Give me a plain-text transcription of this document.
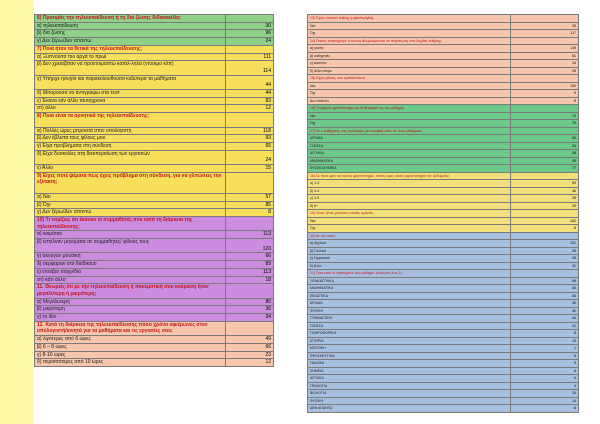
6) Προτιμάς την τηλεεκπαίδευση ή τη δια ζώσης διδασκαλία;	
α) τηλεεκπαίδευση	30
β) δια ζώσης	96
γ) Δεν ξέρω/Δεν απαντώ	24
7) Ποια ήταν τα θετικά της τηλεεκπαίδευσης;	
α) Ξυπνούσα πιο αργά το πρωί	111
β) Δεν χρειαζόταν να προετοιμαστώ κατάλ-ληλα (ντύσιμο κλπ)	114
γ) Υπήρχε ησυχία και παρακολουθούσα καλύτερα τα μαθήματα	44
δ) Μπορούσα να αντιγράψω στα τεστ	44
ε) Έκανα εάν άλλο ταυτόχρονα	83
στ) άλλο	12
8) Ποια είναι τα αρνητικά της τηλεεκπαίδευσης;	
α) Πολλές ώρες μπροστά στον υπολογιστή	118
β) Δεν έβλεπα τους φίλους μου	93
γ) Είχα προβλήματα στη σύνδεση	65
δ) Είχα δυσκολίες στη διεκπεραίωση των εργασιών	24
ε) Άλλο	15
9) Είχες ποτέ ψέματα πως έχεις πρόβλημα στη σύνδεση, για να γλιτώσεις την εξέταση;	
α) Ναι	57
β) Όχι	85
γ) Δεν ξέρω/Δεν απαντώ	8
10) Τι νομίζεις ότι έκαναν οι συμμαθητές σου κατά τη διάρκεια της τηλεεκπαίδευσης;	
α) κοιμόταν	113
β) έστελναν μηνύματα σε συμμαθητές/ φίλους τους	120
γ) άκουγαν μουσική	66
δ) σέρφαραν στο διαδίκτυο	89
ε) έπαιζαν παιχνίδια	113
στ) κάτι άλλο	18
11. Θεωρείς ότι με την τηλεεκπαίδευση ή πανεμστική σου κούραση ήταν μεγαλύτερη ή μικρότερη;	
α) Μεγαλύτερη	80
β) μικρότερη	36
γ) το ίδιο	34
12. Κατά τη διάρκεια της τηλεεκπαίδευσης πόσο χρόνο αφιέρωνες στον υπολογιστή/κινητό για τα μαθήματα και τις εργασίες σου;	
α) λιγότερες από 6 ώρες	49
β) 6 – 8 ώρες	66
γ) 8-10 ώρες	23
δ) περισσότερες από 10 ώρες	12
13) Έχεις υποστεί bulling ή cyberbullying;	
Ναι	33
Όχι	117
14) Ποιους ανησυχούμε ή ποιους θεωρούμενους σε περίπτωση που δεχθείς bullying;	
α) γονείς	119
β) καθηγητές	51
γ) κανέναν	14
δ) άλλο άτομο	26
15) Έχεις φίλους που εμπιστεύεσαι;	
Ναι	134
Όχι	9
Δεν απαντώ	8
16) Υπάρχουν φροντιστήρια για τα θεατρικά της στο μάθημα;	
Ναι	74
Όχι	76
17) Αν ο καθηγητής σας πρόσφερε μια ευκαιρία είναι, σε ποια μαθήματα;	
ΑΡΧΑΙΑ	50
ΓΛΩΣΣΑ	34
ΑΓΓΛΙΚΑ	28
ΜΑΘΗΜΑΤΙΚΑ	45
ΦΥΣΙΚΟΧΗΜΕΙΑ	77
18) Σε ποιά ώρα του κάνεις φροντιστήριο, πόσες ώρες κάνεις φροντιστήριο την εβδομάδα;	
α) 1-3	53
β) 3-4	46
γ) 4-5	28
δ) 6+	29
19) Ξένες ξένες γλώσσες οποίες ομιλείτε;	
Ναι	142
Όχι	8
20) Αν ναι ποιες;	
α) Αγγλικά	131
β) Γαλλικά	35
γ) Γερμανικά	28
δ) Άλλο	31
21) Ποιο είναι το αγαπημένο σου μάθημα; (επιλέγεις έως 3)	
ΞΕΝΑ ΑΓΓΛΙΚΑ	59
ΜΑΘΗΜΑΤΙΚΑ	40
ΕΙΚΑΣΤΙΚΑ	34
ΑΡΧΑΙΑ	30
ΦΥΣΙΚΗ	30
ΓΥΜΝΑΣΤΙΚΗ	44
ΓΛΩΣΣΑ	21
ΠΛΗΡΟΦΟΡΙΚΗ	8
ΙΣΤΟΡΙΑ	13
ΜΟΥΣΙΚΗ	1
ΘΡΗΣΚΕΥΤΙΚΑ	5
ΓΑΛΛΙΚΑ	5
ΧΗΜΕΙΑ	6
ΑΓΓΛΙΚΑ	4
ΓΕΩΛΟΓΙΑ	4
ΒΙΟΛΟΓΙΑ	24
ΦΥΣΙΚΗ	14
ΔΕΝ ΑΠΑΝΤΩ	8
